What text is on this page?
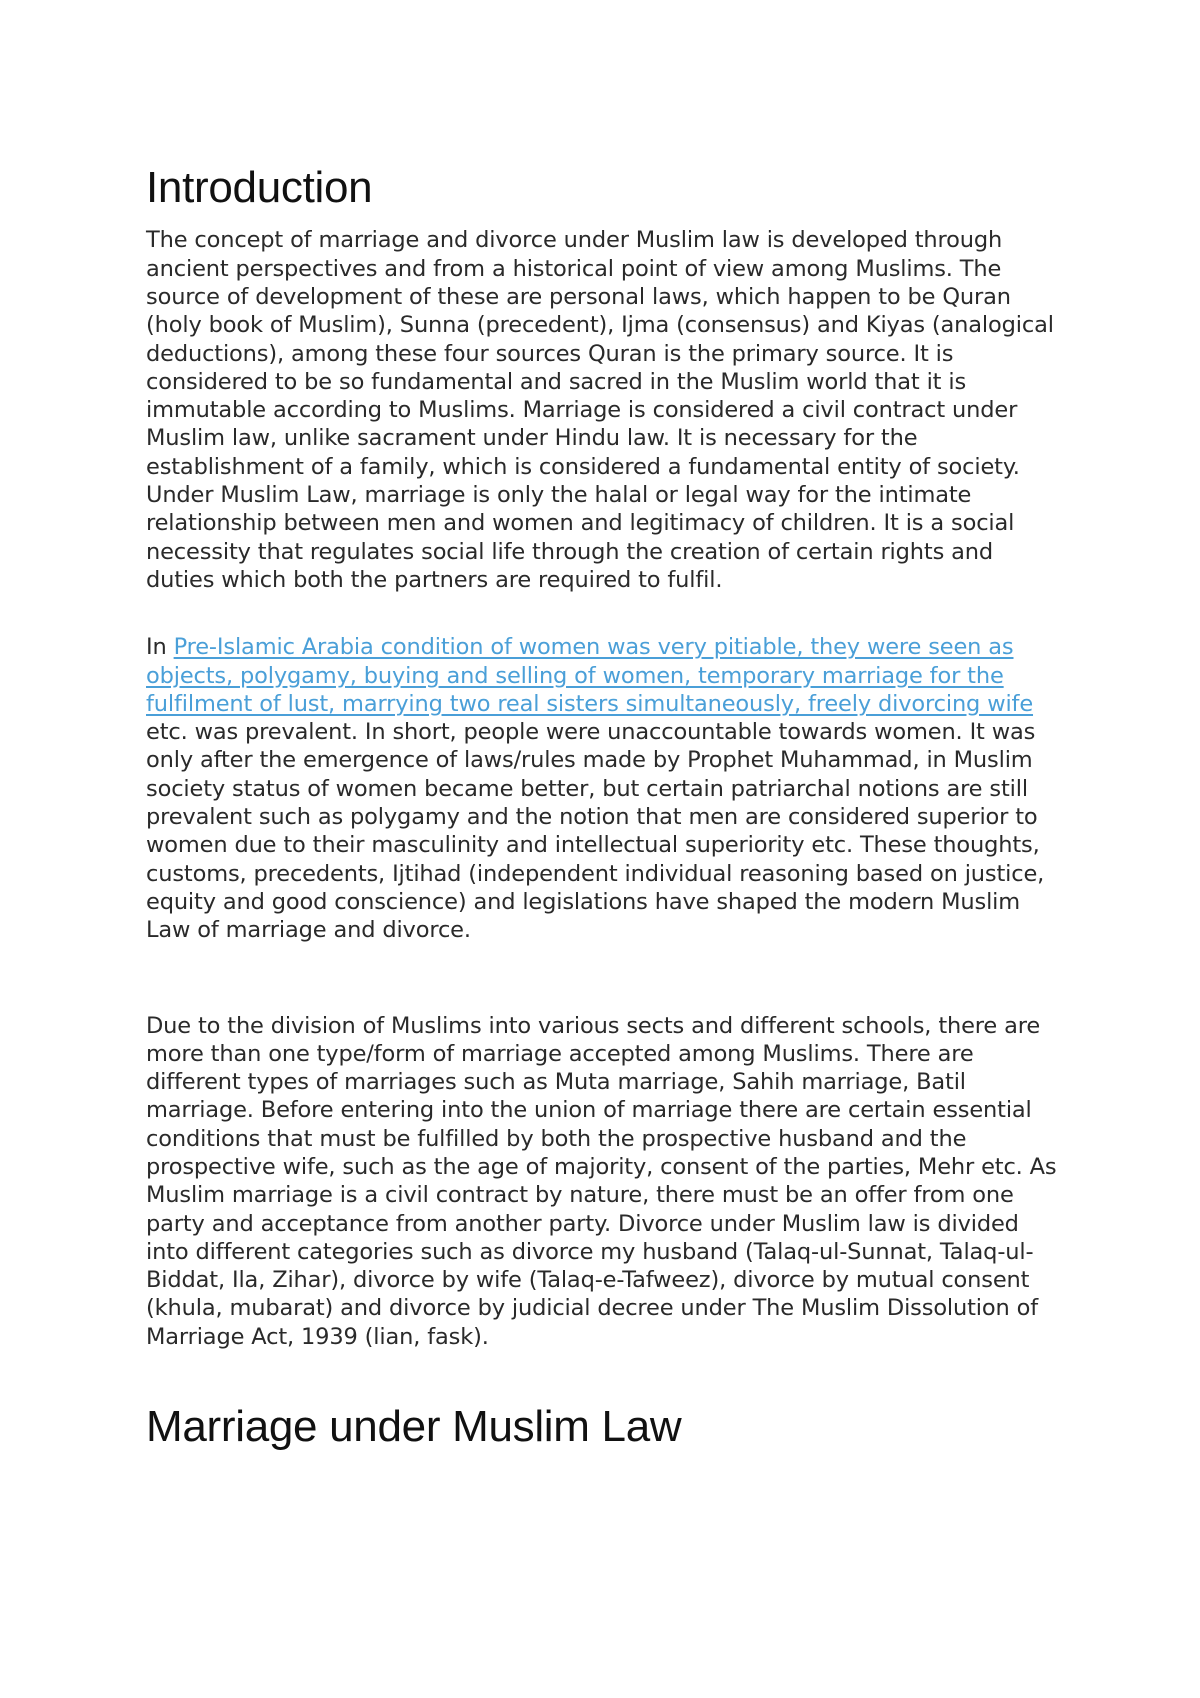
Introduction

The concept of marriage and divorce under Muslim law is developed through ancient perspectives and from a historical point of view among Muslims. The source of development of these are personal laws, which happen to be Quran (holy book of Muslim), Sunna (precedent), Ijma (consensus) and Kiyas (analogical deductions), among these four sources Quran is the primary source. It is considered to be so fundamental and sacred in the Muslim world that it is immutable according to Muslims. Marriage is considered a civil contract under Muslim law, unlike sacrament under Hindu law. It is necessary for the establishment of a family, which is considered a fundamental entity of society. Under Muslim Law, marriage is only the halal or legal way for the intimate relationship between men and women and legitimacy of children. It is a social necessity that regulates social life through the creation of certain rights and duties which both the partners are required to fulfil.

In Pre-Islamic Arabia condition of women was very pitiable, they were seen as objects, polygamy, buying and selling of women, temporary marriage for the fulfilment of lust, marrying two real sisters simultaneously, freely divorcing wife etc. was prevalent. In short, people were unaccountable towards women. It was only after the emergence of laws/rules made by Prophet Muhammad, in Muslim society status of women became better, but certain patriarchal notions are still prevalent such as polygamy and the notion that men are considered superior to women due to their masculinity and intellectual superiority etc. These thoughts, customs, precedents, Ijtihad (independent individual reasoning based on justice, equity and good conscience) and legislations have shaped the modern Muslim Law of marriage and divorce.

Due to the division of Muslims into various sects and different schools, there are more than one type/form of marriage accepted among Muslims. There are different types of marriages such as Muta marriage, Sahih marriage, Batil marriage. Before entering into the union of marriage there are certain essential conditions that must be fulfilled by both the prospective husband and the prospective wife, such as the age of majority, consent of the parties, Mehr etc. As Muslim marriage is a civil contract by nature, there must be an offer from one party and acceptance from another party. Divorce under Muslim law is divided into different categories such as divorce my husband (Talaq-ul-Sunnat, Talaq-ul-Biddat, Ila, Zihar), divorce by wife (Talaq-e-Tafweez), divorce by mutual consent (khula, mubarat) and divorce by judicial decree under The Muslim Dissolution of Marriage Act, 1939 (lian, fask).

Marriage under Muslim Law
